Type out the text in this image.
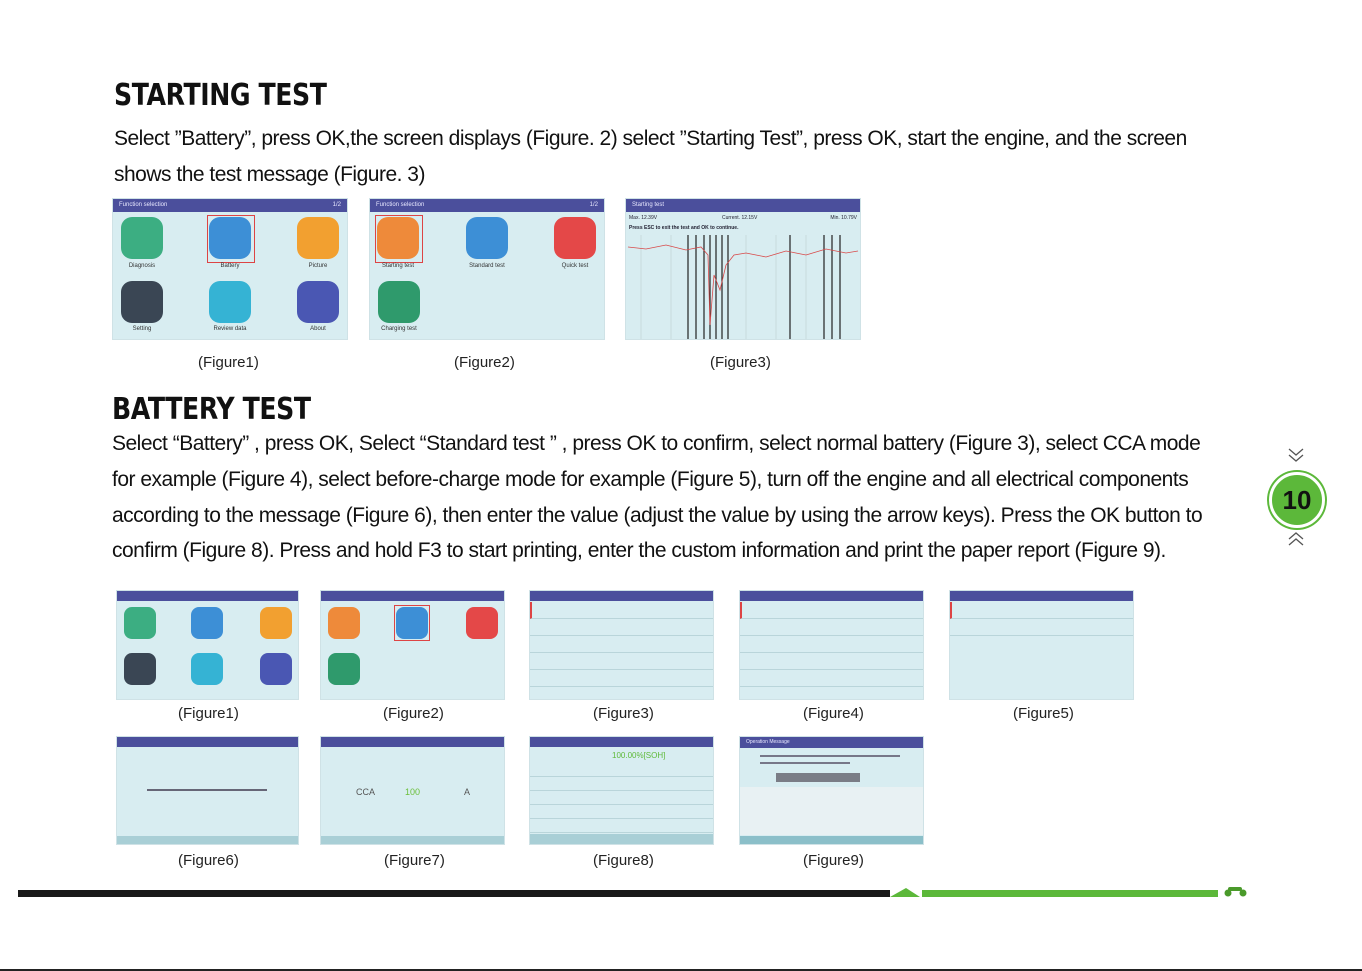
STARTING TEST

Select ”Battery”, press OK,the screen displays (Figure. 2) select ”Starting Test”, press OK, start the engine, and the screen

shows the test message (Figure. 3)

Function selection	1/2
Diagnosis	Battery	Picture
Setting	Review data	About
Function selection	1/2
Starting test	Standard test	Quick test
Charging test
Starting test
Max. 12.39V	Current. 12.15V	Min. 10.79V
Press ESC to exit the test and OK to continue.
(Figure1)	(Figure2)	(Figure3)
BATTERY TEST

Select “Battery” , press OK, Select “Standard test ” , press OK to confirm, select normal battery (Figure 3), select CCA mode

for example (Figure 4), select before-charge mode for example (Figure 5), turn off the engine and all electrical components

according to the message (Figure 6), then enter the value (adjust the value by using the arrow keys). Press the OK button to

confirm (Figure 8). Press and hold F3 to start printing, enter the custom information and print the paper report (Figure 9).

(Figure1)	(Figure2)	(Figure3)	(Figure4)	(Figure5)
CCA	100	A
100.00%[SOH]
Operation Message
(Figure6)	(Figure7)	(Figure8)	(Figure9)
10
